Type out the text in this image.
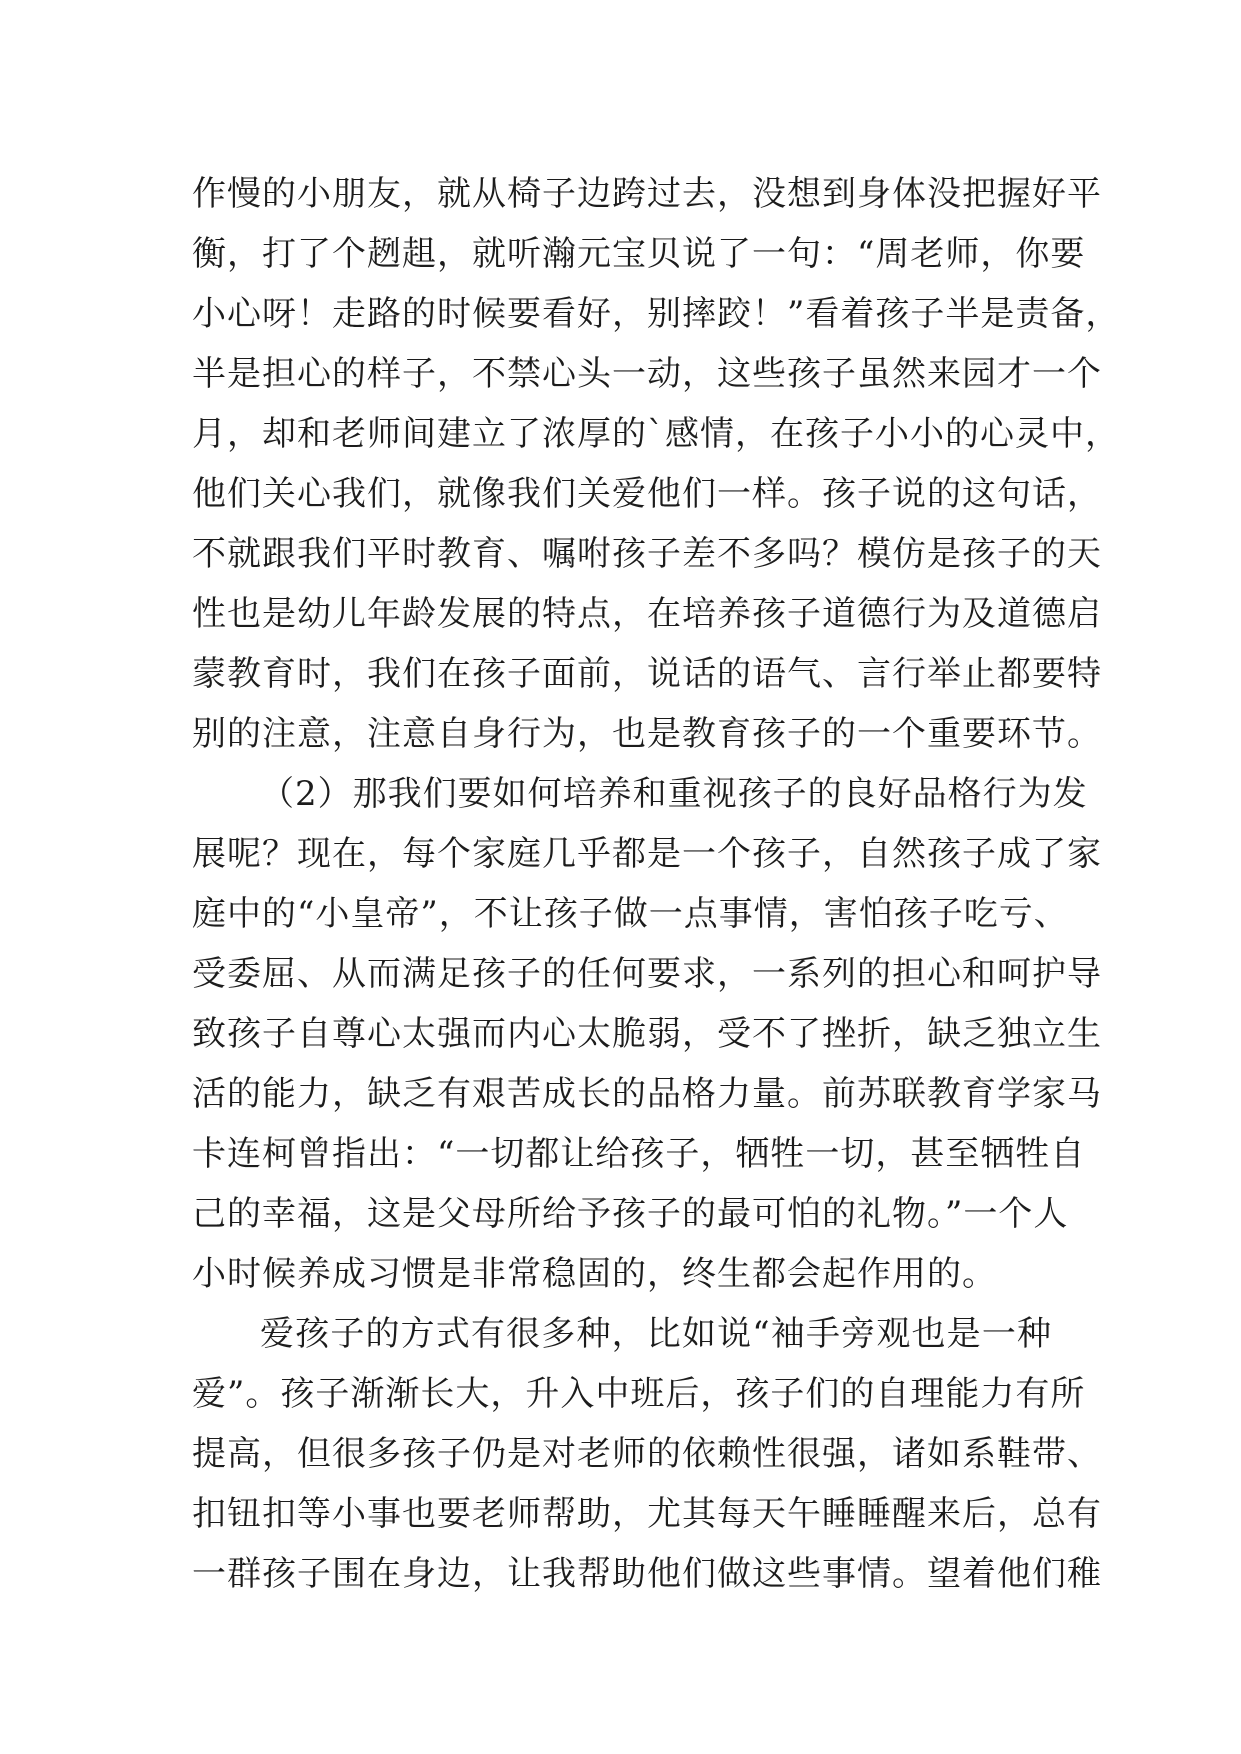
作慢的小朋友，就从椅子边跨过去，没想到身体没把握好平
衡，打了个趔趄，就听瀚元宝贝说了一句：“周老师，你要
小心呀！走路的时候要看好，别摔跤！”看着孩子半是责备，
半是担心的样子，不禁心头一动，这些孩子虽然来园才一个
月，却和老师间建立了浓厚的`感情，在孩子小小的心灵中，
他们关心我们，就像我们关爱他们一样。孩子说的这句话，
不就跟我们平时教育、嘱咐孩子差不多吗？模仿是孩子的天
性也是幼儿年龄发展的特点，在培养孩子道德行为及道德启
蒙教育时，我们在孩子面前，说话的语气、言行举止都要特
别的注意，注意自身行为，也是教育孩子的一个重要环节。
（2）那我们要如何培养和重视孩子的良好品格行为发
展呢？现在，每个家庭几乎都是一个孩子，自然孩子成了家
庭中的“小皇帝”，不让孩子做一点事情，害怕孩子吃亏、
受委屈、从而满足孩子的任何要求，一系列的担心和呵护导
致孩子自尊心太强而内心太脆弱，受不了挫折，缺乏独立生
活的能力，缺乏有艰苦成长的品格力量。前苏联教育学家马
卡连柯曾指出：“一切都让给孩子，牺牲一切，甚至牺牲自
己的幸福，这是父母所给予孩子的最可怕的礼物。”一个人
小时候养成习惯是非常稳固的，终生都会起作用的。
爱孩子的方式有很多种，比如说“袖手旁观也是一种
爱”。孩子渐渐长大，升入中班后，孩子们的自理能力有所
提高，但很多孩子仍是对老师的依赖性很强，诸如系鞋带、
扣钮扣等小事也要老师帮助，尤其每天午睡睡醒来后，总有
一群孩子围在身边，让我帮助他们做这些事情。望着他们稚
